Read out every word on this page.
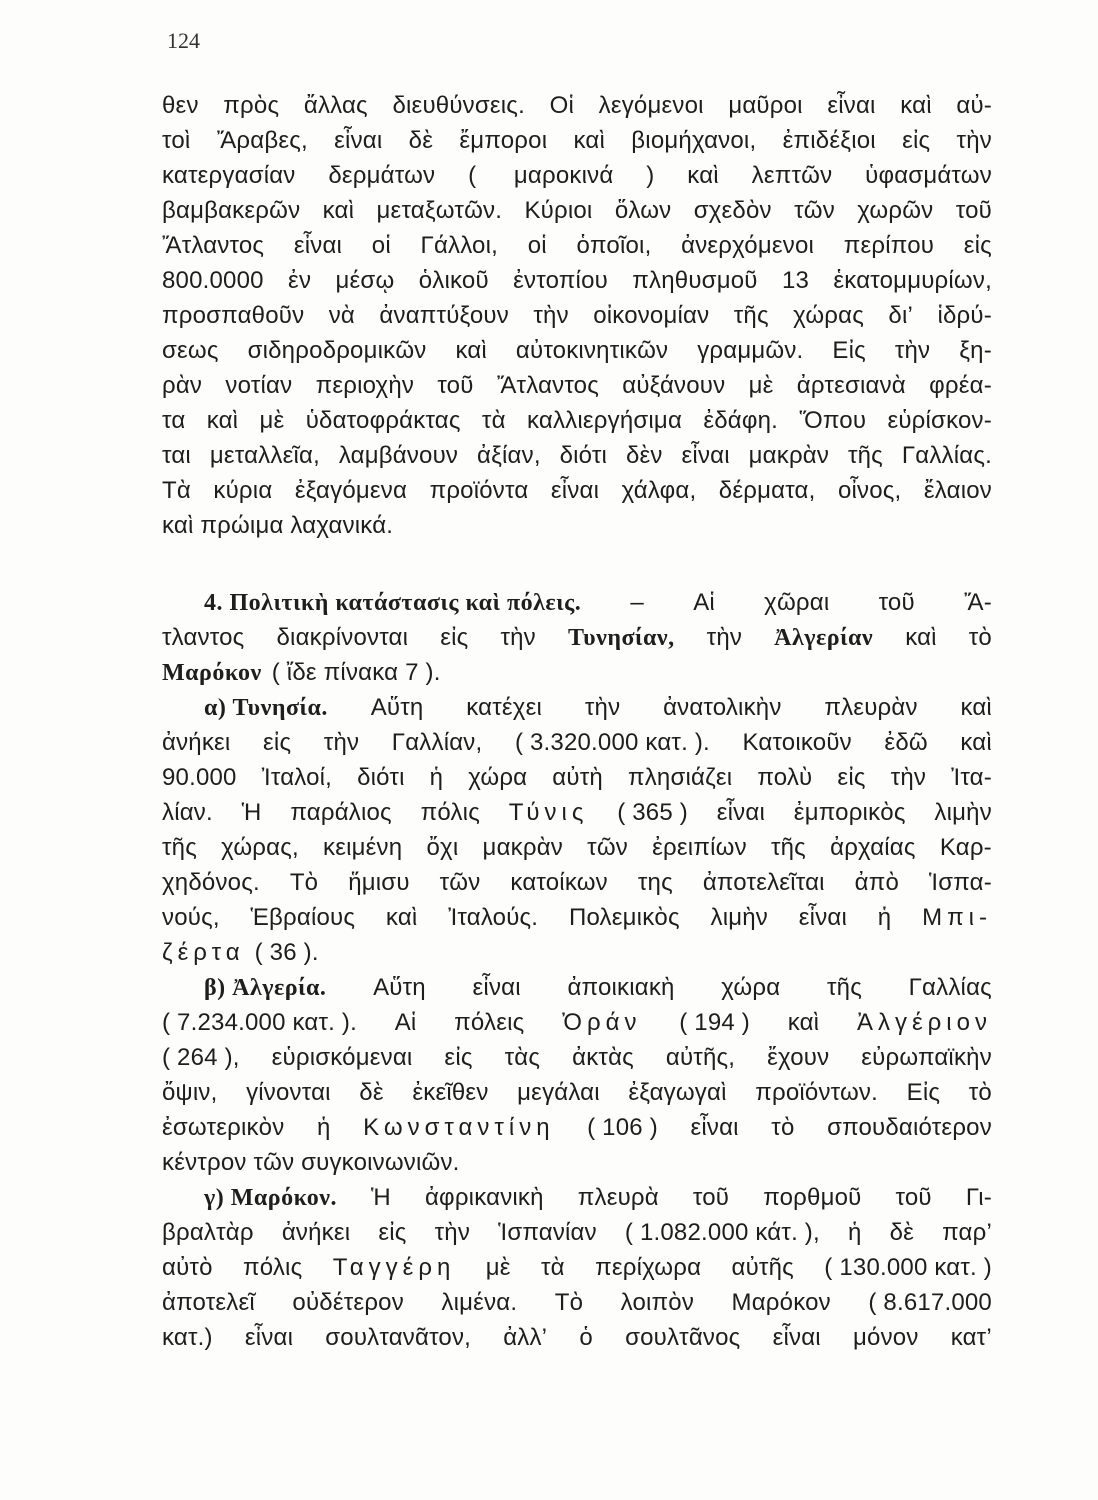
124
θεν πρὸς ἄλλας διευθύνσεις. Οἱ λεγόμενοι μαῦροι εἶναι καὶ αὐ-
τοὶ Ἄραβες, εἶναι δὲ ἔμποροι καὶ βιομήχανοι, ἐπιδέξιοι εἰς τὴν
κατεργασίαν δερμάτων ( μαροκινά ) καὶ λεπτῶν ὑφασμάτων
βαμβακερῶν καὶ μεταξωτῶν. Κύριοι ὅλων σχεδὸν τῶν χωρῶν τοῦ
Ἄτλαντος εἶναι οἱ Γάλλοι, οἱ ὁποῖοι, ἀνερχόμενοι περίπου εἰς
800.0000 ἐν μέσῳ ὁλικοῦ ἐντοπίου πληθυσμοῦ 13 ἑκατομμυρίων,
προσπαθοῦν νὰ ἀναπτύξουν τὴν οἰκονομίαν τῆς χώρας δι’ ἱδρύ-
σεως σιδηροδρομικῶν καὶ αὐτοκινητικῶν γραμμῶν. Εἰς τὴν ξη-
ρὰν νοτίαν περιοχὴν τοῦ Ἄτλαντος αὐξάνουν μὲ ἀρτεσιανὰ φρέα-
τα καὶ μὲ ὑδατοφράκτας τὰ καλλιεργήσιμα ἐδάφη. Ὅπου εὑρίσκον-
ται μεταλλεῖα, λαμβάνουν ἀξίαν, διότι δὲν εἶναι μακρὰν τῆς Γαλλίας.
Τὰ κύρια ἐξαγόμενα προϊόντα εἶναι χάλφα, δέρματα, οἶνος, ἔλαιον
καὶ πρώιμα λαχανικά.
4. Πολιτικὴ κατάστασις καὶ πόλεις. – Αἱ χῶραι τοῦ Ἄ-
τλαντος διακρίνονται εἰς τὴν Τυνησίαν, τὴν Ἀλγερίαν καὶ τὸ
Μαρόκον ( ἴδε πίνακα 7 ).
α) Τυνησία. Αὕτη κατέχει τὴν ἀνατολικὴν πλευρὰν καὶ
ἀνήκει εἰς τὴν Γαλλίαν, ( 3.320.000 κατ. ). Κατοικοῦν ἐδῶ καὶ
90.000 Ἰταλοί, διότι ἡ χώρα αὐτὴ πλησιάζει πολὺ εἰς τὴν Ἰτα-
λίαν. Ἡ παράλιος πόλις Τύνις ( 365 ) εἶναι ἐμπορικὸς λιμὴν
τῆς χώρας, κειμένη ὄχι μακρὰν τῶν ἐρειπίων τῆς ἀρχαίας Καρ-
χηδόνος. Τὸ ἥμισυ τῶν κατοίκων της ἀποτελεῖται ἀπὸ Ἱσπα-
νούς, Ἑβραίους καὶ Ἰταλούς. Πολεμικὸς λιμὴν εἶναι ἡ Μπι-
ζέρτα ( 36 ).
β) Ἀλγερία. Αὕτη εἶναι ἀποικιακὴ χώρα τῆς Γαλλίας
( 7.234.000 κατ. ). Αἱ πόλεις Ὀράν ( 194 ) καὶ Ἀλγέριον
( 264 ), εὑρισκόμεναι εἰς τὰς ἀκτὰς αὐτῆς, ἔχουν εὐρωπαϊκὴν
ὄψιν, γίνονται δὲ ἐκεῖθεν μεγάλαι ἐξαγωγαὶ προϊόντων. Εἰς τὸ
ἐσωτερικὸν ἡ Κωνσταντίνη ( 106 ) εἶναι τὸ σπουδαιότερον
κέντρον τῶν συγκοινωνιῶν.
γ) Μαρόκον. Ἡ ἀφρικανικὴ πλευρὰ τοῦ πορθμοῦ τοῦ Γι-
βραλτὰρ ἀνήκει εἰς τὴν Ἱσπανίαν ( 1.082.000 κάτ. ), ἡ δὲ παρ’
αὐτὸ πόλις Ταγγέρη μὲ τὰ περίχωρα αὐτῆς ( 130.000 κατ. )
ἀποτελεῖ οὐδέτερον λιμένα. Τὸ λοιπὸν Μαρόκον ( 8.617.000
κατ.) εἶναι σουλτανᾶτον, ἀλλ’ ὁ σουλτᾶνος εἶναι μόνον κατ’
